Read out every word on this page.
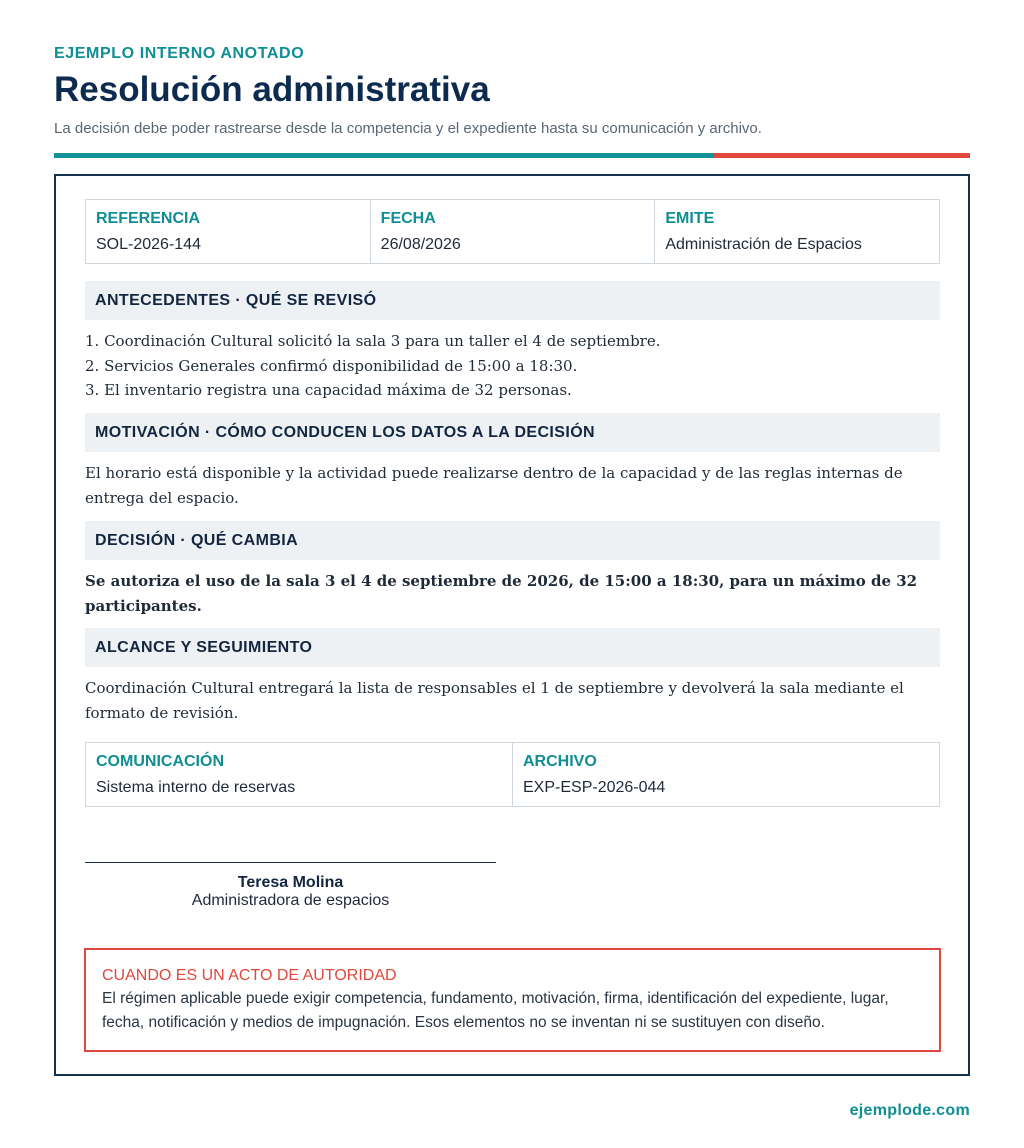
EJEMPLO INTERNO ANOTADO
Resolución administrativa
La decisión debe poder rastrearse desde la competencia y el expediente hasta su comunicación y archivo.
REFERENCIA
SOL-2026-144
FECHA
26/08/2026
EMITE
Administración de Espacios
ANTECEDENTES · QUÉ SE REVISÓ
1. Coordinación Cultural solicitó la sala 3 para un taller el 4 de septiembre.
2. Servicios Generales confirmó disponibilidad de 15:00 a 18:30.
3. El inventario registra una capacidad máxima de 32 personas.
MOTIVACIÓN · CÓMO CONDUCEN LOS DATOS A LA DECISIÓN

El horario está disponible y la actividad puede realizarse dentro de la capacidad y de las reglas internas de entrega del espacio.

DECISIÓN · QUÉ CAMBIA

Se autoriza el uso de la sala 3 el 4 de septiembre de 2026, de 15:00 a 18:30, para un máximo de 32 participantes.

ALCANCE Y SEGUIMIENTO

Coordinación Cultural entregará la lista de responsables el 1 de septiembre y devolverá la sala mediante el formato de revisión.

COMUNICACIÓN
Sistema interno de reservas
ARCHIVO
EXP-ESP-2026-044
Teresa Molina
Administradora de espacios
CUANDO ES UN ACTO DE AUTORIDAD
El régimen aplicable puede exigir competencia, fundamento, motivación, firma, identificación del expediente, lugar, fecha, notificación y medios de impugnación. Esos elementos no se inventan ni se sustituyen con diseño.
ejemplode.com
